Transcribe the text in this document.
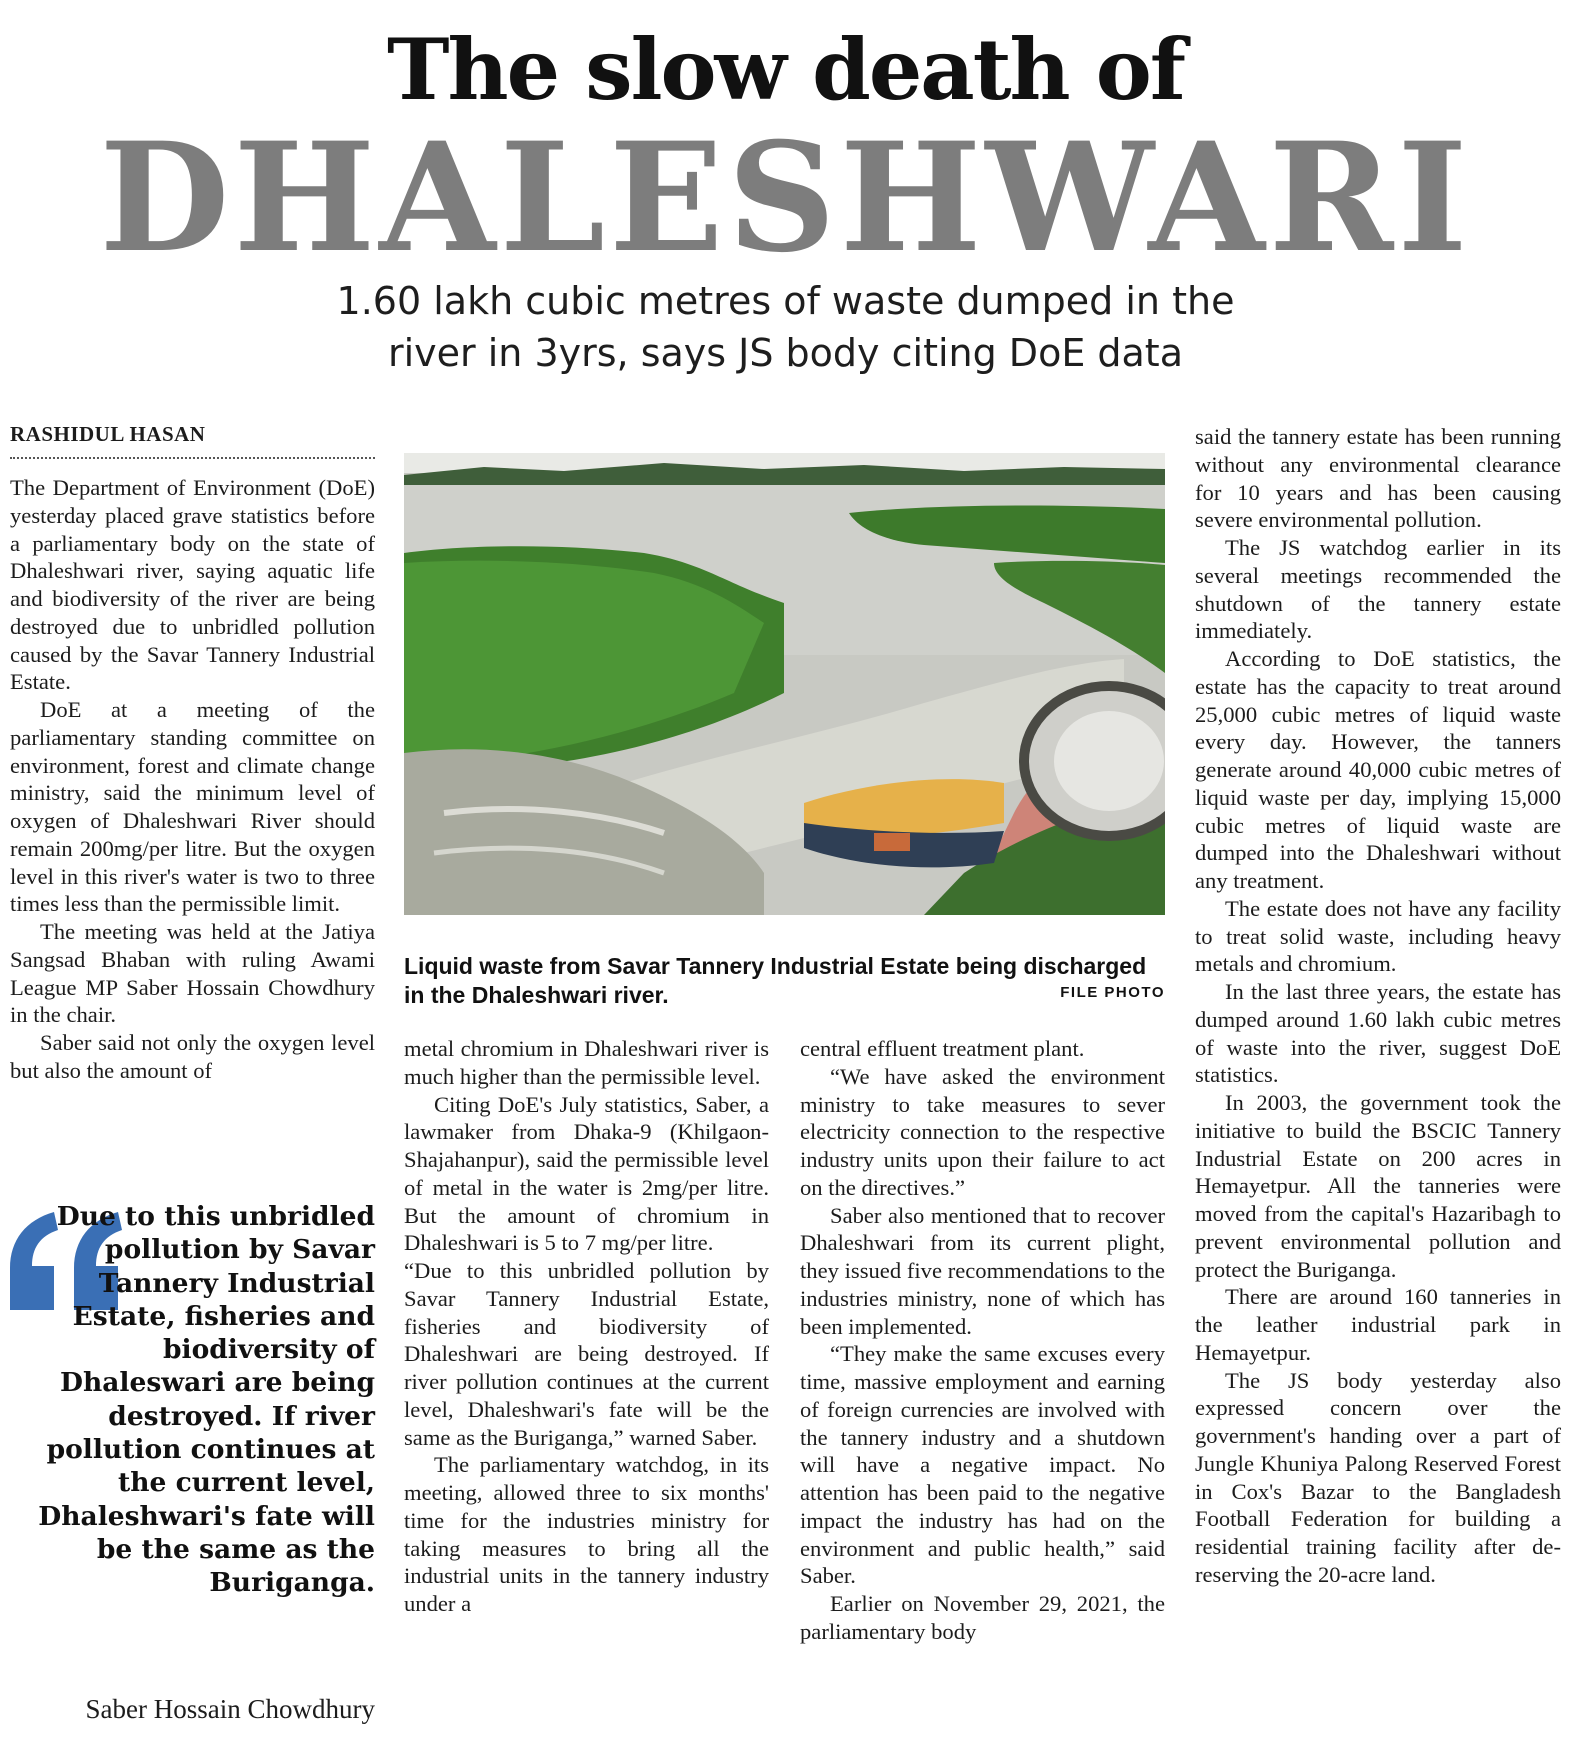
The slow death of
DHALESHWARI
1.60 lakh cubic metres of waste dumped in the
river in 3yrs, says JS body citing DoE data
RASHIDUL HASAN

The Department of Environment (DoE) yesterday placed grave statistics before a parliamentary body on the state of Dhaleshwari river, saying aquatic life and biodiversity of the river are being destroyed due to unbridled pollution caused by the Savar Tannery Industrial Estate.

DoE at a meeting of the parliamentary standing committee on environment, forest and climate change ministry, said the minimum level of oxygen of Dhaleshwari River should remain 200mg/per litre. But the oxygen level in this river's water is two to three times less than the permissible limit.

The meeting was held at the Jatiya Sangsad Bhaban with ruling Awami League MP Saber Hossain Chowdhury in the chair.

Saber said not only the oxygen level but also the amount of

Liquid waste from Savar Tannery Industrial Estate being discharged in the Dhaleshwari river.	FILE PHOTO
Due to this unbridled pollution by Savar Tannery Industrial Estate, fisheries and biodiversity of Dhaleswari are being destroyed. If river pollution continues at the current level, Dhaleshwari's fate will be the same as the Buriganga.
Saber Hossain Chowdhury

metal chromium in Dhaleshwari river is much higher than the permissible level.

Citing DoE's July statistics, Saber, a lawmaker from Dhaka-9 (Khilgaon-Shajahanpur), said the permissible level of metal in the water is 2mg/per litre. But the amount of chromium in Dhaleshwari is 5 to 7 mg/per litre.

“Due to this unbridled pollution by Savar Tannery Industrial Estate, fisheries and biodiversity of Dhaleshwari are being destroyed. If river pollution continues at the current level, Dhaleshwari's fate will be the same as the Buriganga,” warned Saber.

The parliamentary watchdog, in its meeting, allowed three to six months' time for the industries ministry for taking measures to bring all the industrial units in the tannery industry under a

central effluent treatment plant.

“We have asked the environment ministry to take measures to sever electricity connection to the respective industry units upon their failure to act on the directives.”

Saber also mentioned that to recover Dhaleshwari from its current plight, they issued five recommendations to the industries ministry, none of which has been implemented.

“They make the same excuses every time, massive employment and earning of foreign currencies are involved with the tannery industry and a shutdown will have a negative impact. No attention has been paid to the negative impact the industry has had on the environment and public health,” said Saber.

Earlier on November 29, 2021, the parliamentary body

said the tannery estate has been running without any environmental clearance for 10 years and has been causing severe environmental pollution.

The JS watchdog earlier in its several meetings recommended the shutdown of the tannery estate immediately.

According to DoE statistics, the estate has the capacity to treat around 25,000 cubic metres of liquid waste every day. However, the tanners generate around 40,000 cubic metres of liquid waste per day, implying 15,000 cubic metres of liquid waste are dumped into the Dhaleshwari without any treatment.

The estate does not have any facility to treat solid waste, including heavy metals and chromium.

In the last three years, the estate has dumped around 1.60 lakh cubic metres of waste into the river, suggest DoE statistics.

In 2003, the government took the initiative to build the BSCIC Tannery Industrial Estate on 200 acres in Hemayetpur. All the tanneries were moved from the capital's Hazaribagh to prevent environmental pollution and protect the Buriganga.

There are around 160 tanneries in the leather industrial park in Hemayetpur.

The JS body yesterday also expressed concern over the government's handing over a part of Jungle Khuniya Palong Reserved Forest in Cox's Bazar to the Bangladesh Football Federation for building a residential training facility after de-reserving the 20-acre land.
